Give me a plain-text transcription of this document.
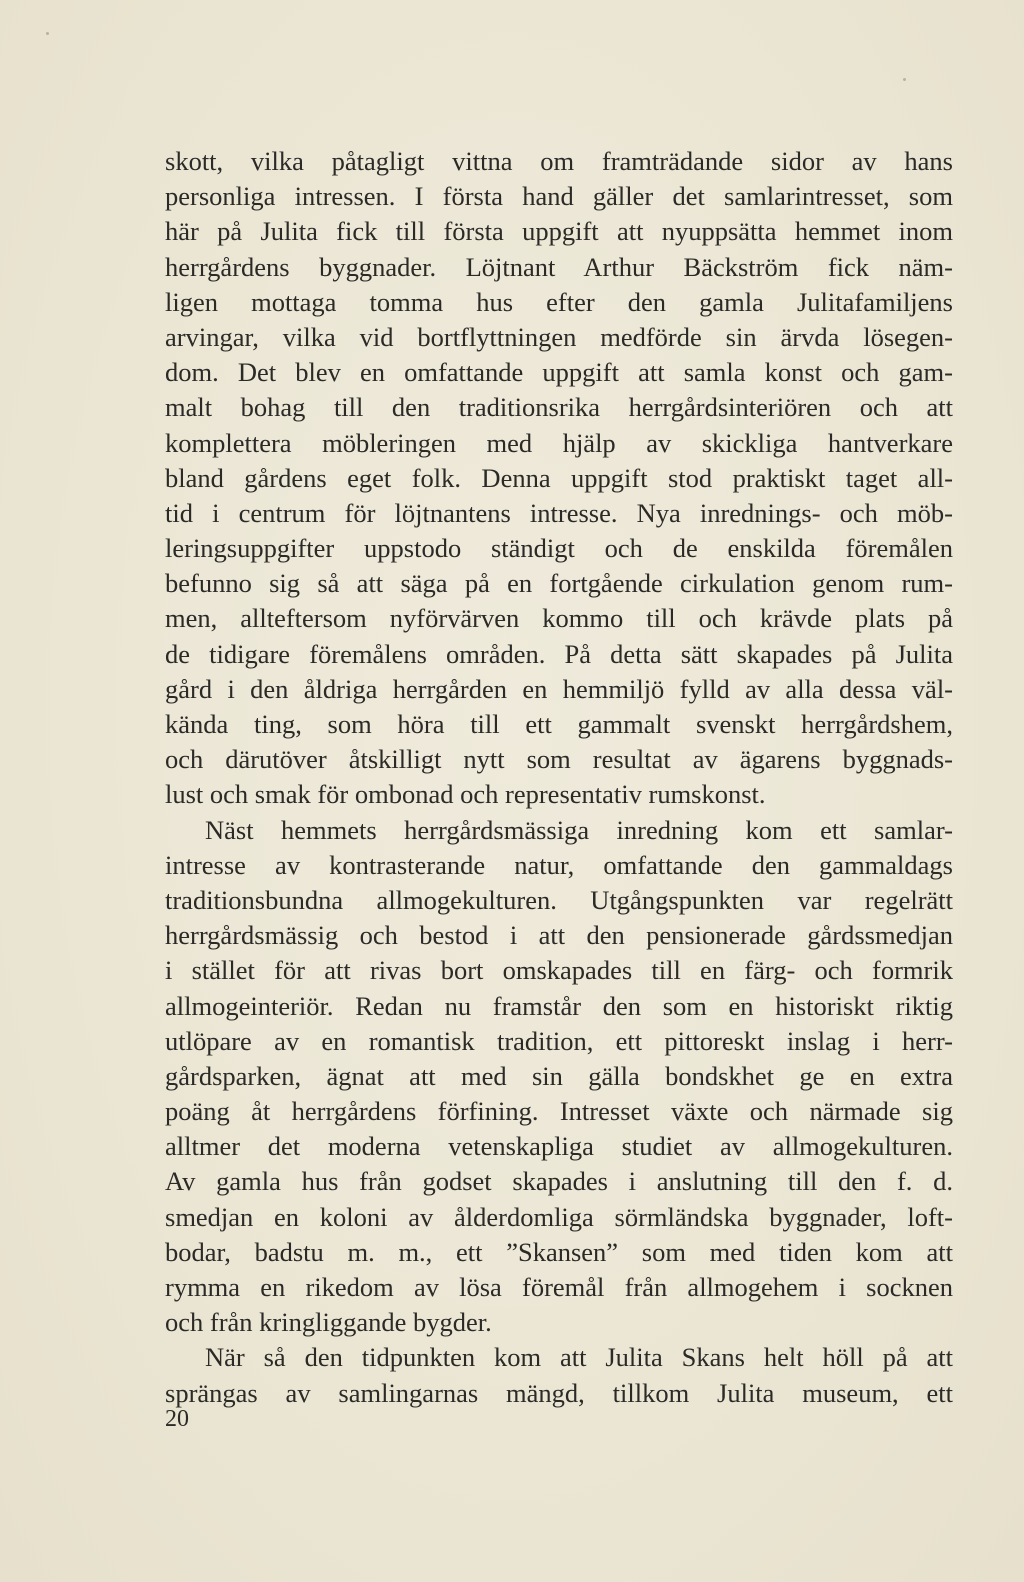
skott, vilka påtagligt vittna om framträdande sidor av hans
personliga intressen. I första hand gäller det samlarintresset, som
här på Julita fick till första uppgift att nyuppsätta hemmet inom
herrgårdens byggnader. Löjtnant Arthur Bäckström fick näm-
ligen mottaga tomma hus efter den gamla Julitafamiljens
arvingar, vilka vid bortflyttningen medförde sin ärvda lösegen-
dom. Det blev en omfattande uppgift att samla konst och gam-
malt bohag till den traditionsrika herrgårdsinteriören och att
komplettera möbleringen med hjälp av skickliga hantverkare
bland gårdens eget folk. Denna uppgift stod praktiskt taget all-
tid i centrum för löjtnantens intresse. Nya inrednings- och möb-
leringsuppgifter uppstodo ständigt och de enskilda föremålen
befunno sig så att säga på en fortgående cirkulation genom rum-
men, allteftersom nyförvärven kommo till och krävde plats på
de tidigare föremålens områden. På detta sätt skapades på Julita
gård i den åldriga herrgården en hemmiljö fylld av alla dessa väl-
kända ting, som höra till ett gammalt svenskt herrgårdshem,
och därutöver åtskilligt nytt som resultat av ägarens byggnads-
lust och smak för ombonad och representativ rumskonst.
Näst hemmets herrgårdsmässiga inredning kom ett samlar-
intresse av kontrasterande natur, omfattande den gammaldags
traditionsbundna allmogekulturen. Utgångspunkten var regelrätt
herrgårdsmässig och bestod i att den pensionerade gårdssmedjan
i stället för att rivas bort omskapades till en färg- och formrik
allmogeinteriör. Redan nu framstår den som en historiskt riktig
utlöpare av en romantisk tradition, ett pittoreskt inslag i herr-
gårdsparken, ägnat att med sin gälla bondskhet ge en extra
poäng åt herrgårdens förfining. Intresset växte och närmade sig
alltmer det moderna vetenskapliga studiet av allmogekulturen.
Av gamla hus från godset skapades i anslutning till den f. d.
smedjan en koloni av ålderdomliga sörmländska byggnader, loft-
bodar, badstu m. m., ett ”Skansen” som med tiden kom att
rymma en rikedom av lösa föremål från allmogehem i socknen
och från kringliggande bygder.
När så den tidpunkten kom att Julita Skans helt höll på att
sprängas av samlingarnas mängd, tillkom Julita museum, ett
20
